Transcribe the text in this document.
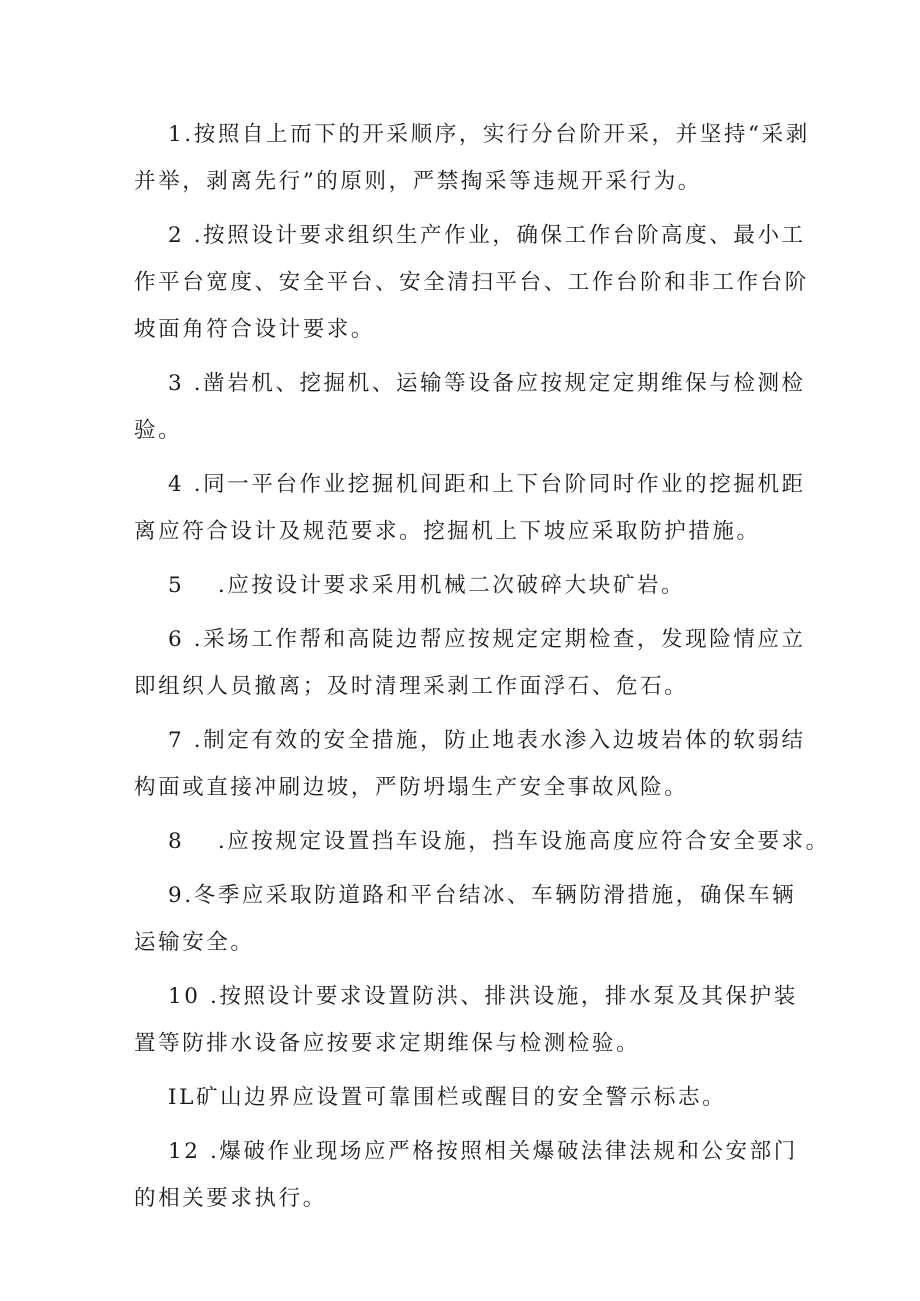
1.按照自上而下的开采顺序，实行分台阶开采，并坚持“采剥并举，剥离先行”的原则，严禁掏采等违规开采行为。

2 .按照设计要求组织生产作业，确保工作台阶高度、最小工作平台宽度、安全平台、安全清扫平台、工作台阶和非工作台阶坡面角符合设计要求。

3 .凿岩机、挖掘机、运输等设备应按规定定期维保与检测检验。

4 .同一平台作业挖掘机间距和上下台阶同时作业的挖掘机距离应符合设计及规范要求。挖掘机上下坡应采取防护措施。

5　 .应按设计要求采用机械二次破碎大块矿岩。

6 .采场工作帮和高陡边帮应按规定定期检查，发现险情应立即组织人员撤离；及时清理采剥工作面浮石、危石。

7 .制定有效的安全措施，防止地表水渗入边坡岩体的软弱结构面或直接冲刷边坡，严防坍塌生产安全事故风险。

8　 .应按规定设置挡车设施，挡车设施高度应符合安全要求。

9.冬季应采取防道路和平台结冰、车辆防滑措施，确保车辆运输安全。

10 .按照设计要求设置防洪、排洪设施，排水泵及其保护装置等防排水设备应按要求定期维保与检测检验。

IL矿山边界应设置可靠围栏或醒目的安全警示标志。

12 .爆破作业现场应严格按照相关爆破法律法规和公安部门的相关要求执行。
